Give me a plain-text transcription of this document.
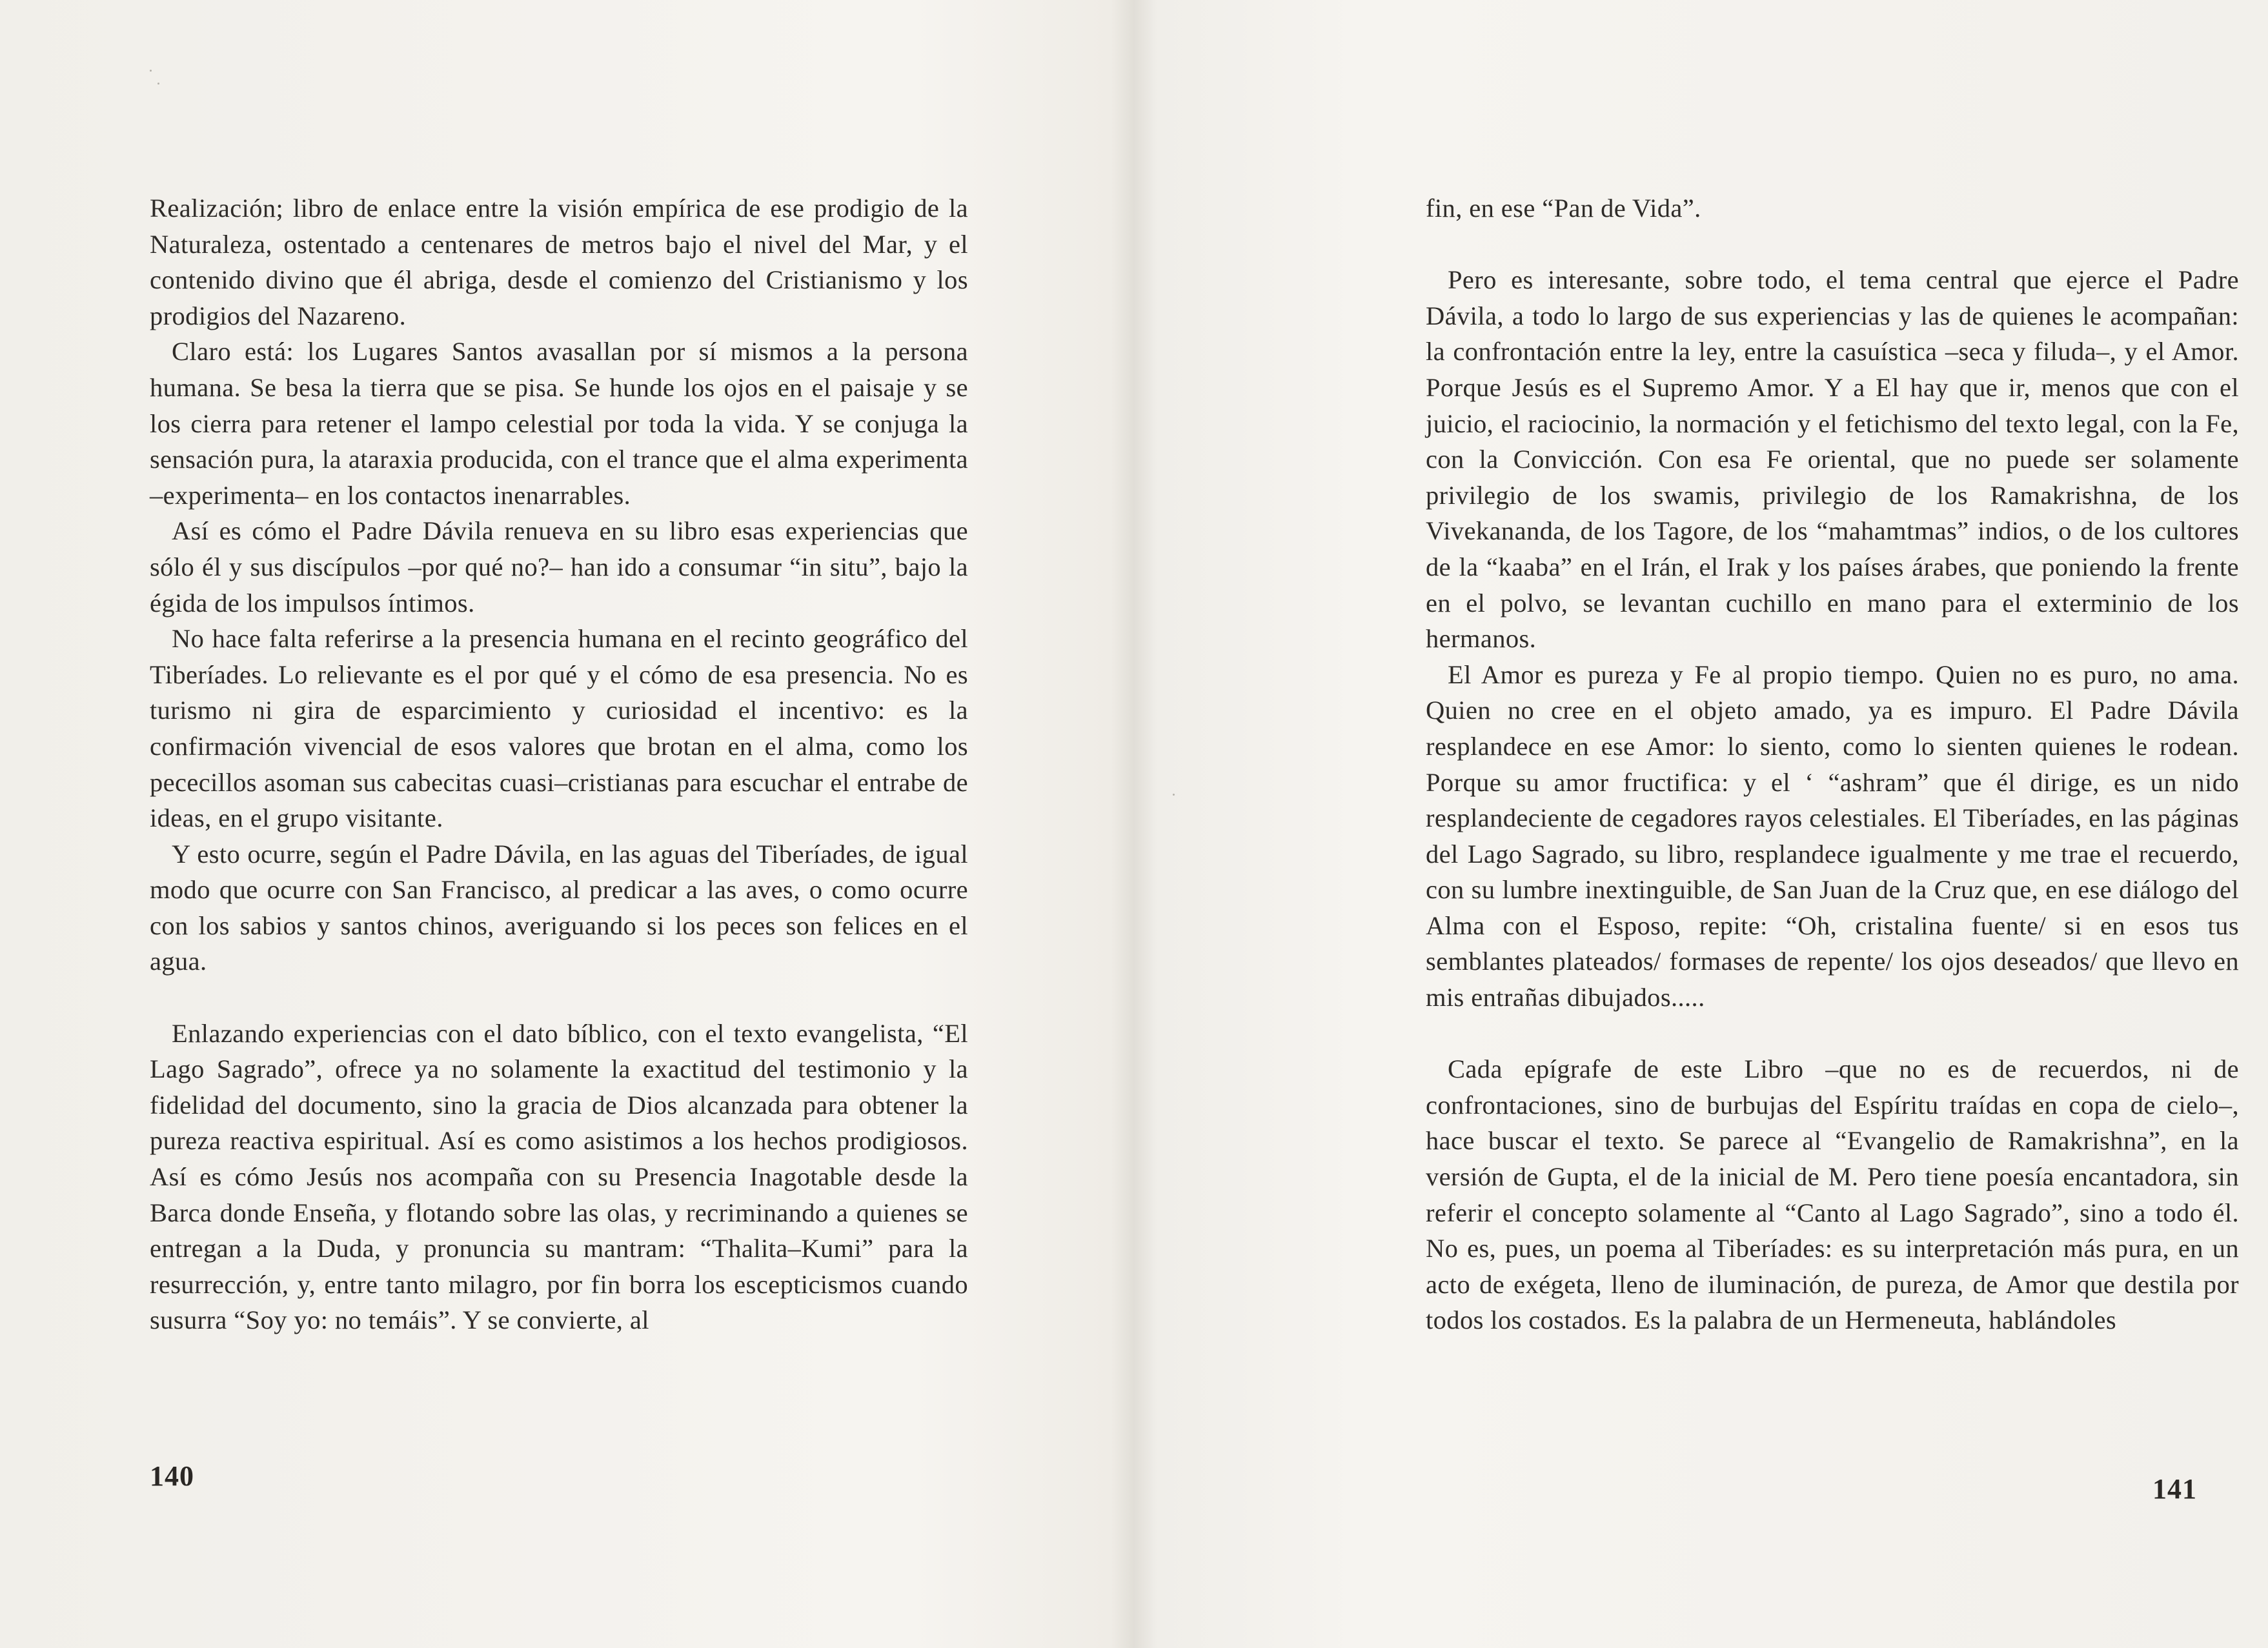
Realización; libro de enlace entre la visión empírica de ese prodigio de la Naturaleza, ostentado a centenares de metros bajo el nivel del Mar, y el contenido divino que él abriga, desde el comienzo del Cristianismo y los prodigios del Nazareno.

Claro está: los Lugares Santos avasallan por sí mismos a la persona humana. Se besa la tierra que se pisa. Se hunde los ojos en el paisaje y se los cierra para retener el lampo celestial por toda la vida. Y se conjuga la sensación pura, la ataraxia producida, con el trance que el alma experimenta –experimenta– en los contactos inenarrables.

Así es cómo el Padre Dávila renueva en su libro esas experiencias que sólo él y sus discípulos –por qué no?– han ido a consumar “in situ”, bajo la égida de los impulsos íntimos.

No hace falta referirse a la presencia humana en el recinto geográfico del Tiberíades. Lo relievante es el por qué y el cómo de esa presencia. No es turismo ni gira de esparcimiento y curiosidad el incentivo: es la confirmación vivencial de esos valores que brotan en el alma, como los pececillos asoman sus cabecitas cuasi–cristianas para escuchar el entrabe de ideas, en el grupo visitante.

Y esto ocurre, según el Padre Dávila, en las aguas del Tiberíades, de igual modo que ocurre con San Francisco, al predicar a las aves, o como ocurre con los sabios y santos chinos, averiguando si los peces son felices en el agua.

Enlazando experiencias con el dato bíblico, con el texto evangelista, “El Lago Sagrado”, ofrece ya no solamente la exactitud del testimonio y la fidelidad del documento, sino la gracia de Dios alcanzada para obtener la pureza reactiva espiritual. Así es como asistimos a los hechos prodigiosos. Así es cómo Jesús nos acompaña con su Presencia Inagotable desde la Barca donde Enseña, y flotando sobre las olas, y recriminando a quienes se entregan a la Duda, y pronuncia su mantram: “Thalita–Kumi” para la resurrección, y, entre tanto milagro, por fin borra los escepticismos cuando susurra “Soy yo: no temáis”. Y se convierte, al

140

fin, en ese “Pan de Vida”.

Pero es interesante, sobre todo, el tema central que ejerce el Padre Dávila, a todo lo largo de sus experiencias y las de quienes le acompañan: la confrontación entre la ley, entre la casuística –seca y filuda–, y el Amor. Porque Jesús es el Supremo Amor. Y a El hay que ir, menos que con el juicio, el raciocinio, la normación y el fetichismo del texto legal, con la Fe, con la Convicción. Con esa Fe oriental, que no puede ser solamente privilegio de los swamis, privilegio de los Ramakrishna, de los Vivekananda, de los Tagore, de los “mahamtmas” indios, o de los cultores de la “kaaba” en el Irán, el Irak y los países árabes, que poniendo la frente en el polvo, se levantan cuchillo en mano para el exterminio de los hermanos.

El Amor es pureza y Fe al propio tiempo. Quien no es puro, no ama. Quien no cree en el objeto amado, ya es impuro. El Padre Dávila resplandece en ese Amor: lo siento, como lo sienten quienes le rodean. Porque su amor fructifica: y el ‘ “ashram” que él dirige, es un nido resplandeciente de cegadores rayos celestiales. El Tiberíades, en las páginas del Lago Sagrado, su libro, resplandece igualmente y me trae el recuerdo, con su lumbre inextinguible, de San Juan de la Cruz que, en ese diálogo del Alma con el Esposo, repite: “Oh, cristalina fuente/ si en esos tus semblantes plateados/ formases de repente/ los ojos deseados/ que llevo en mis entrañas dibujados.....

Cada epígrafe de este Libro –que no es de recuerdos, ni de confrontaciones, sino de burbujas del Espíritu traídas en copa de cielo–, hace buscar el texto. Se parece al “Evangelio de Ramakrishna”, en la versión de Gupta, el de la inicial de M. Pero tiene poesía encantadora, sin referir el concepto solamente al “Canto al Lago Sagrado”, sino a todo él. No es, pues, un poema al Tiberíades: es su interpretación más pura, en un acto de exégeta, lleno de iluminación, de pureza, de Amor que destila por todos los costados. Es la palabra de un Hermeneuta, hablándoles

141
